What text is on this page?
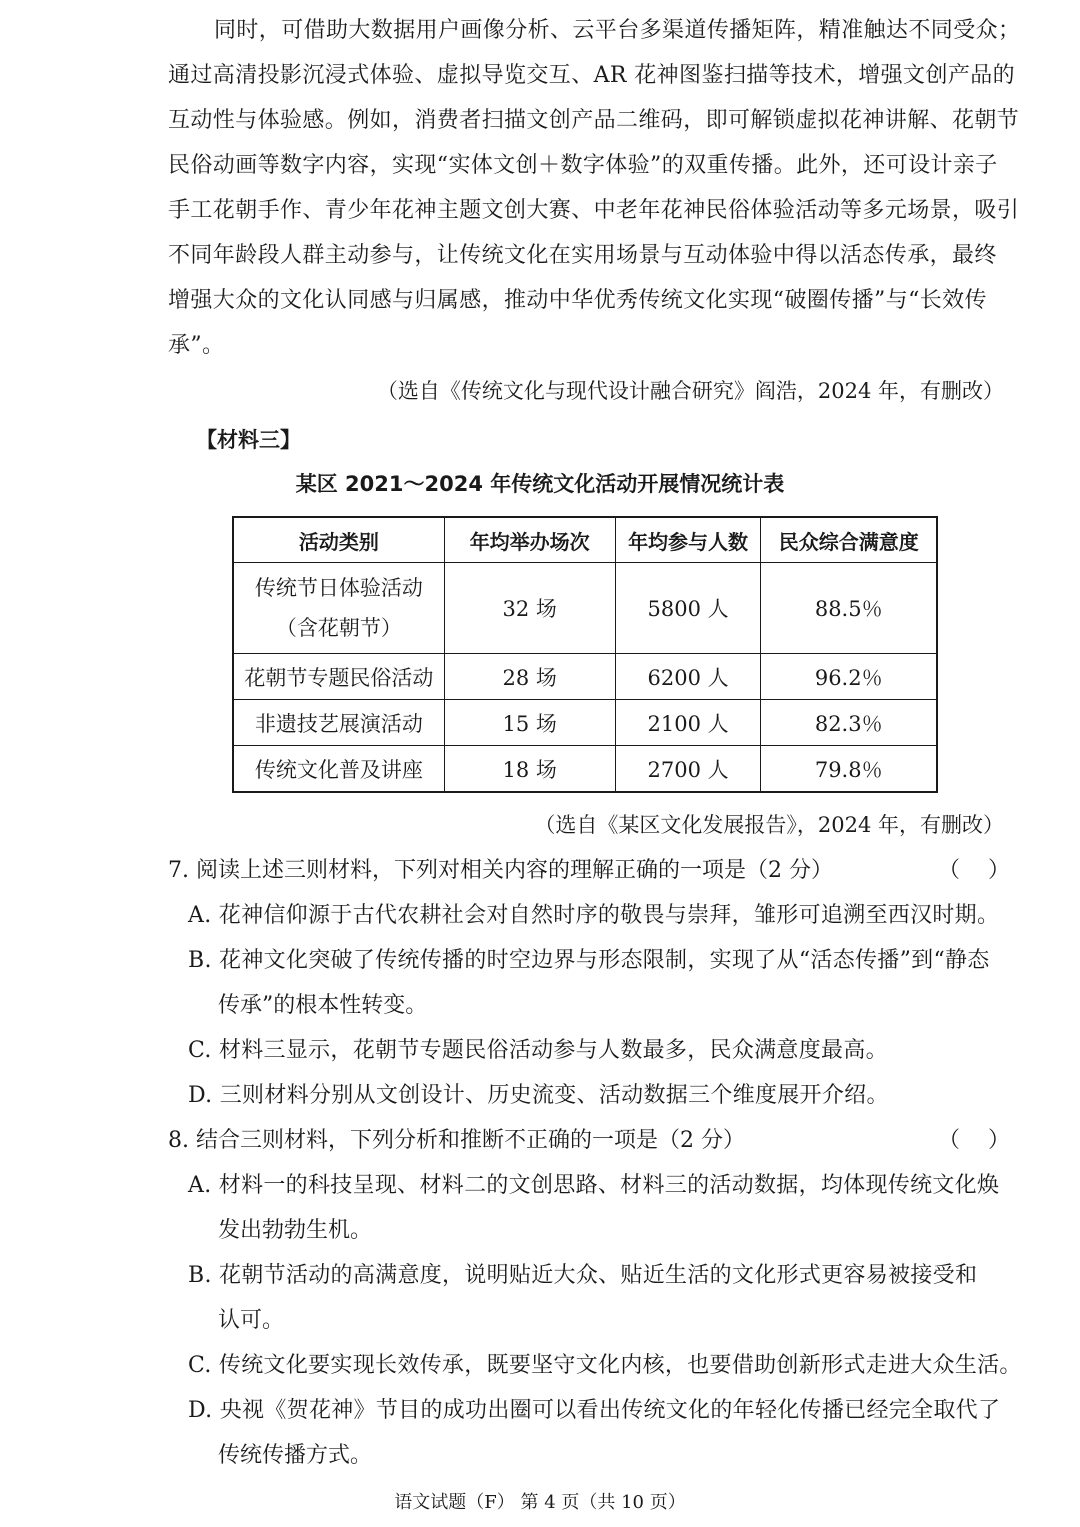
同时，可借助大数据用户画像分析、云平台多渠道传播矩阵，精准触达不同受众；
通过高清投影沉浸式体验、虚拟导览交互、AR 花神图鉴扫描等技术，增强文创产品的
互动性与体验感。例如，消费者扫描文创产品二维码，即可解锁虚拟花神讲解、花朝节
民俗动画等数字内容，实现“实体文创＋数字体验”的双重传播。此外，还可设计亲子
手工花朝手作、青少年花神主题文创大赛、中老年花神民俗体验活动等多元场景，吸引
不同年龄段人群主动参与，让传统文化在实用场景与互动体验中得以活态传承，最终
增强大众的文化认同感与归属感，推动中华优秀传统文化实现“破圈传播”与“长效传
承”。
（选自《传统文化与现代设计融合研究》阎浩，2024 年，有删改）
【材料三】
某区 2021～2024 年传统文化活动开展情况统计表
活动类别	年均举办场次	年均参与人数	民众综合满意度

传统节日体验活动
（含花朝节）	32 场	5800 人	88.5％
花朝节专题民俗活动	28 场	6200 人	96.2％
非遗技艺展演活动	15 场	2100 人	82.3％
传统文化普及讲座	18 场	2700 人	79.8％
（选自《某区文化发展报告》，2024 年，有删改）
7. 阅读上述三则材料，下列对相关内容的理解正确的一项是（2 分）	（    ）
A. 花神信仰源于古代农耕社会对自然时序的敬畏与崇拜，雏形可追溯至西汉时期。
B. 花神文化突破了传统传播的时空边界与形态限制，实现了从“活态传播”到“静态
传承”的根本性转变。
C. 材料三显示，花朝节专题民俗活动参与人数最多，民众满意度最高。
D. 三则材料分别从文创设计、历史流变、活动数据三个维度展开介绍。
8. 结合三则材料，下列分析和推断不正确的一项是（2 分）	（    ）
A. 材料一的科技呈现、材料二的文创思路、材料三的活动数据，均体现传统文化焕
发出勃勃生机。
B. 花朝节活动的高满意度，说明贴近大众、贴近生活的文化形式更容易被接受和
认可。
C. 传统文化要实现长效传承，既要坚守文化内核，也要借助创新形式走进大众生活。
D. 央视《贺花神》节目的成功出圈可以看出传统文化的年轻化传播已经完全取代了
传统传播方式。
语文试题（F） 第 4 页（共 10 页）
